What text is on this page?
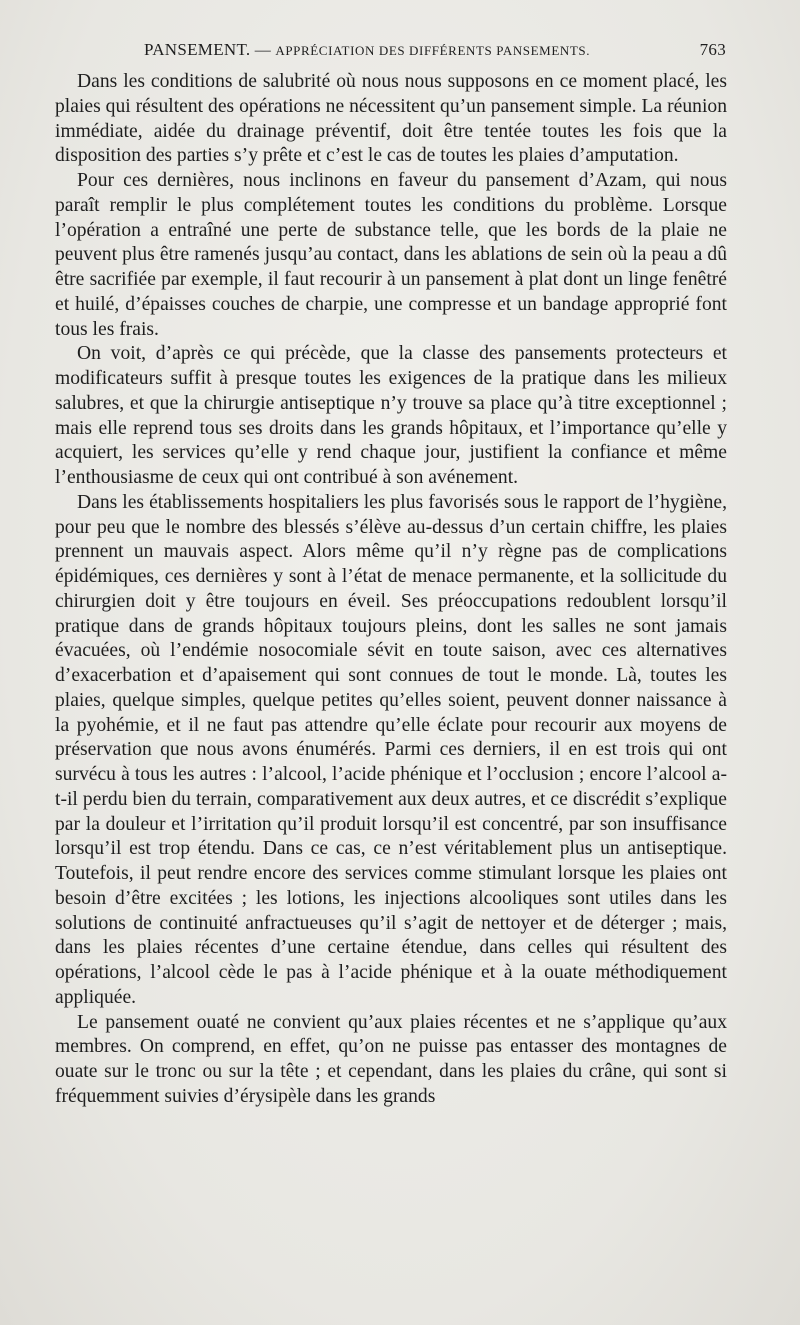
PANSEMENT. — APPRÉCIATION DES DIFFÉRENTS PANSEMENTS.	763

Dans les conditions de salubrité où nous nous supposons en ce moment placé, les plaies qui résultent des opérations ne nécessitent qu’un pansement simple. La réunion immédiate, aidée du drainage préventif, doit être tentée toutes les fois que la disposition des parties s’y prête et c’est le cas de toutes les plaies d’amputation.

Pour ces dernières, nous inclinons en faveur du pansement d’Azam, qui nous paraît remplir le plus complétement toutes les conditions du problème. Lorsque l’opération a entraîné une perte de substance telle, que les bords de la plaie ne peuvent plus être ramenés jusqu’au contact, dans les ablations de sein où la peau a dû être sacrifiée par exemple, il faut recourir à un pansement à plat dont un linge fenêtré et huilé, d’épaisses couches de charpie, une compresse et un bandage approprié font tous les frais.

On voit, d’après ce qui précède, que la classe des pansements protecteurs et modificateurs suffit à presque toutes les exigences de la pratique dans les milieux salubres, et que la chirurgie antiseptique n’y trouve sa place qu’à titre exceptionnel ; mais elle reprend tous ses droits dans les grands hôpitaux, et l’importance qu’elle y acquiert, les services qu’elle y rend chaque jour, justifient la confiance et même l’enthousiasme de ceux qui ont contribué à son avénement.

Dans les établissements hospitaliers les plus favorisés sous le rapport de l’hygiène, pour peu que le nombre des blessés s’élève au-dessus d’un certain chiffre, les plaies prennent un mauvais aspect. Alors même qu’il n’y règne pas de complications épidémiques, ces dernières y sont à l’état de menace permanente, et la sollicitude du chirurgien doit y être toujours en éveil. Ses préoccupations redoublent lorsqu’il pratique dans de grands hôpitaux toujours pleins, dont les salles ne sont jamais évacuées, où l’endémie nosocomiale sévit en toute saison, avec ces alternatives d’exacerbation et d’apaisement qui sont connues de tout le monde. Là, toutes les plaies, quelque simples, quelque petites qu’elles soient, peuvent donner naissance à la pyohémie, et il ne faut pas attendre qu’elle éclate pour recourir aux moyens de préservation que nous avons énumérés. Parmi ces derniers, il en est trois qui ont survécu à tous les autres : l’alcool, l’acide phénique et l’occlusion ; encore l’alcool a-t-il perdu bien du terrain, comparativement aux deux autres, et ce discrédit s’explique par la douleur et l’irritation qu’il produit lorsqu’il est concentré, par son insuffisance lorsqu’il est trop étendu. Dans ce cas, ce n’est véritablement plus un antiseptique. Toutefois, il peut rendre encore des services comme stimulant lorsque les plaies ont besoin d’être excitées ; les lotions, les injections alcooliques sont utiles dans les solutions de continuité anfractueuses qu’il s’agit de nettoyer et de déterger ; mais, dans les plaies récentes d’une certaine étendue, dans celles qui résultent des opérations, l’alcool cède le pas à l’acide phénique et à la ouate méthodiquement appliquée.

Le pansement ouaté ne convient qu’aux plaies récentes et ne s’applique qu’aux membres. On comprend, en effet, qu’on ne puisse pas entasser des montagnes de ouate sur le tronc ou sur la tête ; et cependant, dans les plaies du crâne, qui sont si fréquemment suivies d’érysipèle dans les grands
